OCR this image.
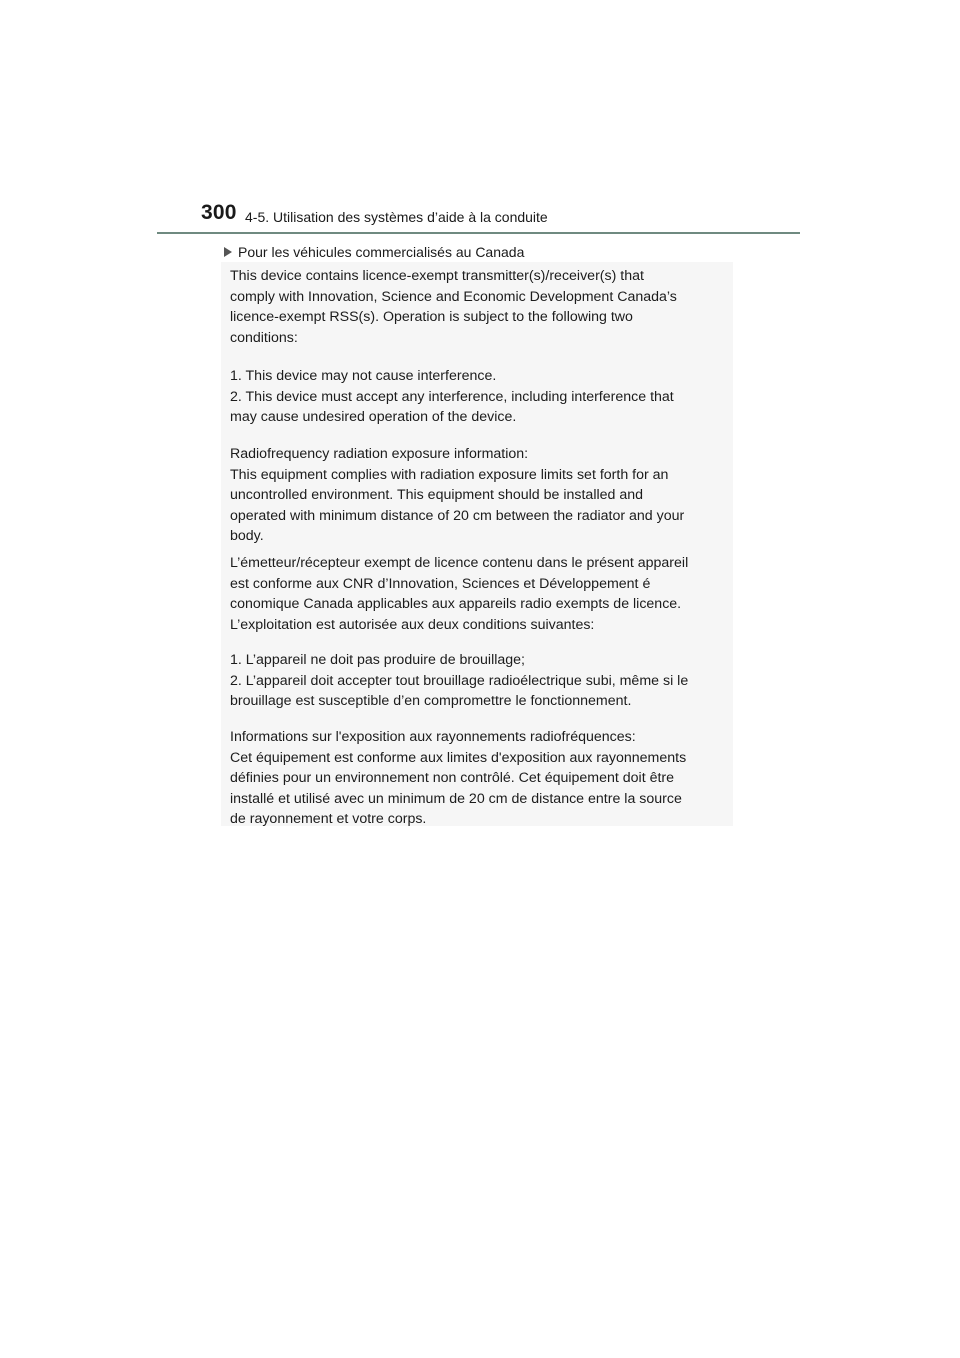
300 4-5. Utilisation des systèmes d’aide à la conduite
Pour les véhicules commercialisés au Canada

This device contains licence-exempt transmitter(s)/receiver(s) that
comply with Innovation, Science and Economic Development Canada’s
licence-exempt RSS(s). Operation is subject to the following two
conditions:

1. This device may not cause interference.
2. This device must accept any interference, including interference that
may cause undesired operation of the device.

Radiofrequency radiation exposure information:
This equipment complies with radiation exposure limits set forth for an
uncontrolled environment. This equipment should be installed and
operated with minimum distance of 20 cm between the radiator and your
body.

L’émetteur/récepteur exempt de licence contenu dans le présent appareil
est conforme aux CNR d’Innovation, Sciences et Développement é
conomique Canada applicables aux appareils radio exempts de licence.
L’exploitation est autorisée aux deux conditions suivantes:

1. L’appareil ne doit pas produire de brouillage;
2. L’appareil doit accepter tout brouillage radioélectrique subi, même si le
brouillage est susceptible d’en compromettre le fonctionnement.

Informations sur l'exposition aux rayonnements radiofréquences:
Cet équipement est conforme aux limites d'exposition aux rayonnements
définies pour un environnement non contrôlé. Cet équipement doit être
installé et utilisé avec un minimum de 20 cm de distance entre la source
de rayonnement et votre corps.
